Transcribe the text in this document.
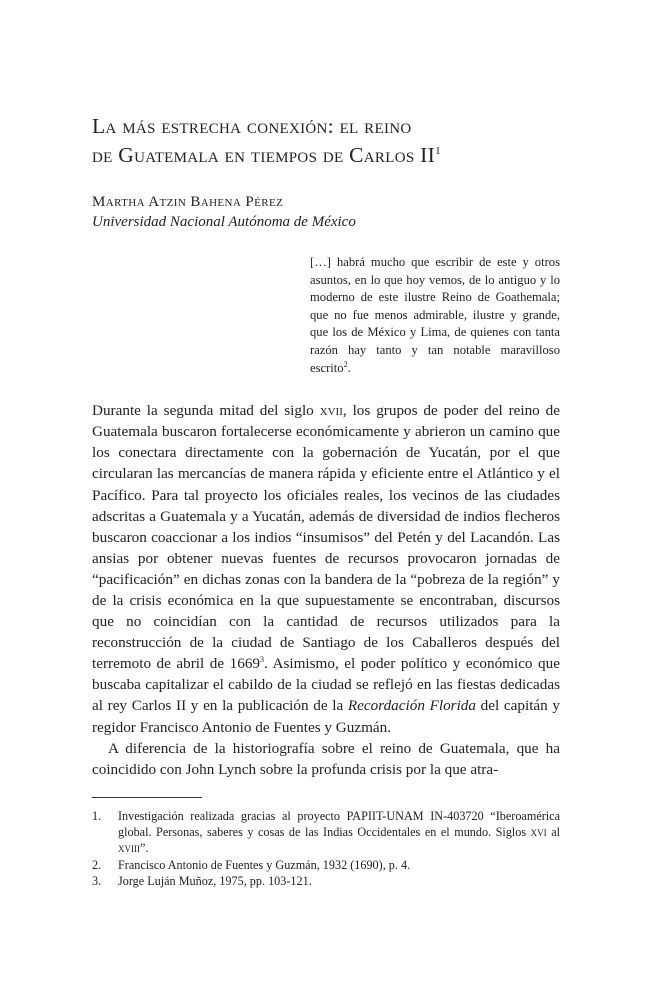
La más estrecha conexión: el reino
de Guatemala en tiempos de Carlos $II^1$
Martha Atzin Bahena Pérez
Universidad Nacional Autónoma de México
[…] habrá mucho que escribir de este y otros asuntos, en lo que hoy vemos, de lo antiguo y lo moderno de este ilustre Reino de Goathemala; que no fue menos admirable, ilustre y grande, que los de México y Lima, de quienes con tanta razón hay tanto y tan notable maravilloso escrito$^2$.

Durante la segunda mitad del siglo xvii, los grupos de poder del reino de Guatemala buscaron fortalecerse económicamente y abrieron un camino que los conectara directamente con la gobernación de Yucatán, por el que circularan las mercancías de manera rápida y eficiente entre el Atlántico y el Pacífico. Para tal proyecto los oficiales reales, los vecinos de las ciudades adscritas a Guatemala y a Yucatán, además de diversidad de indios flecheros buscaron coaccionar a los indios “insumisos” del Petén y del Lacandón. Las ansias por obtener nuevas fuentes de recursos provocaron jornadas de “pacificación” en dichas zonas con la bandera de la “pobreza de la región” y de la crisis económica en la que supuestamente se encontraban, discursos que no coincidían con la cantidad de recursos utilizados para la reconstrucción de la ciudad de Santiago de los Caballeros después del terremoto de abril de 1669$^3$. Asimismo, el poder político y económico que buscaba capitalizar el cabildo de la ciudad se reflejó en las fiestas dedicadas al rey Carlos II y en la publicación de la Recordación Florida del capitán y regidor Francisco Antonio de Fuentes y Guzmán.

A diferencia de la historiografía sobre el reino de Guatemala, que ha coincidido con John Lynch sobre la profunda crisis por la que atra-

1.	Investigación realizada gracias al proyecto PAPIIT-UNAM IN-403720 “Iberoamérica global. Personas, saberes y cosas de las Indias Occidentales en el mundo. Siglos xvi al xviii”.
2.	Francisco Antonio de Fuentes y Guzmán, 1932 (1690), p. 4.
3.	Jorge Luján Muñoz, 1975, pp. 103-121.
